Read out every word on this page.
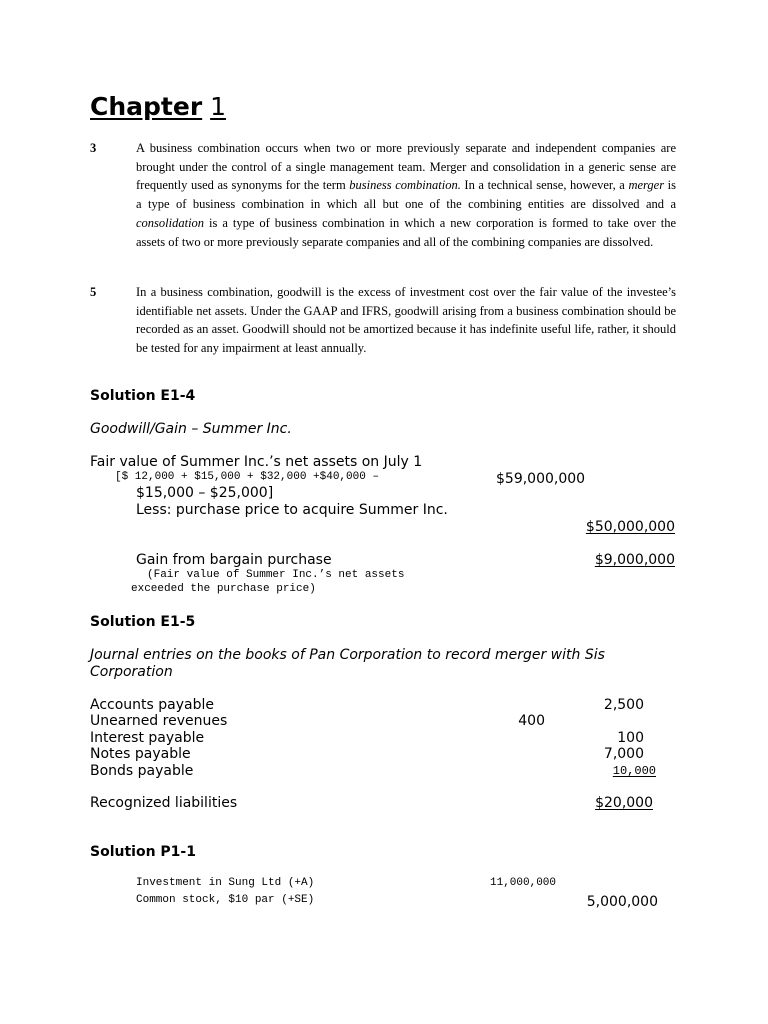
Chapter 1
3	A business combination occurs when two or more previously separate and independent companies are brought under the control of a single management team. Merger and consolidation in a generic sense are frequently used as synonyms for the term business combination. In a technical sense, however, a merger is a type of business combination in which all but one of the combining entities are dissolved and a consolidation is a type of business combination in which a new corporation is formed to take over the assets of two or more previously separate companies and all of the combining companies are dissolved.
5	In a business combination, goodwill is the excess of investment cost over the fair value of the investee’s identifiable net assets. Under the GAAP and IFRS, goodwill arising from a business combination should be recorded as an asset. Goodwill should not be amortized because it has indefinite useful life, rather, it should be tested for any impairment at least annually.
Solution E1-4
Goodwill/Gain – Summer Inc.
Fair value of Summer Inc.’s net assets on July 1
[$ 12,000 + $15,000 + $32,000 +$40,000 –	$59,000,000
$15,000 – $25,000]
Less: purchase price to acquire Summer Inc.
$50,000,000
Gain from bargain purchase	$9,000,000
(Fair value of Summer Inc.’s net assets
exceeded the purchase price)
Solution E1-5
Journal entries on the books of Pan Corporation to record merger with Sis
Corporation
Accounts payable	2,500
Unearned revenues	400
Interest payable	100
Notes payable	7,000
Bonds payable	10,000
Recognized liabilities	$20,000
Solution P1-1
Investment in Sung Ltd (+A)	11,000,000
Common stock, $10 par (+SE)	5,000,000
